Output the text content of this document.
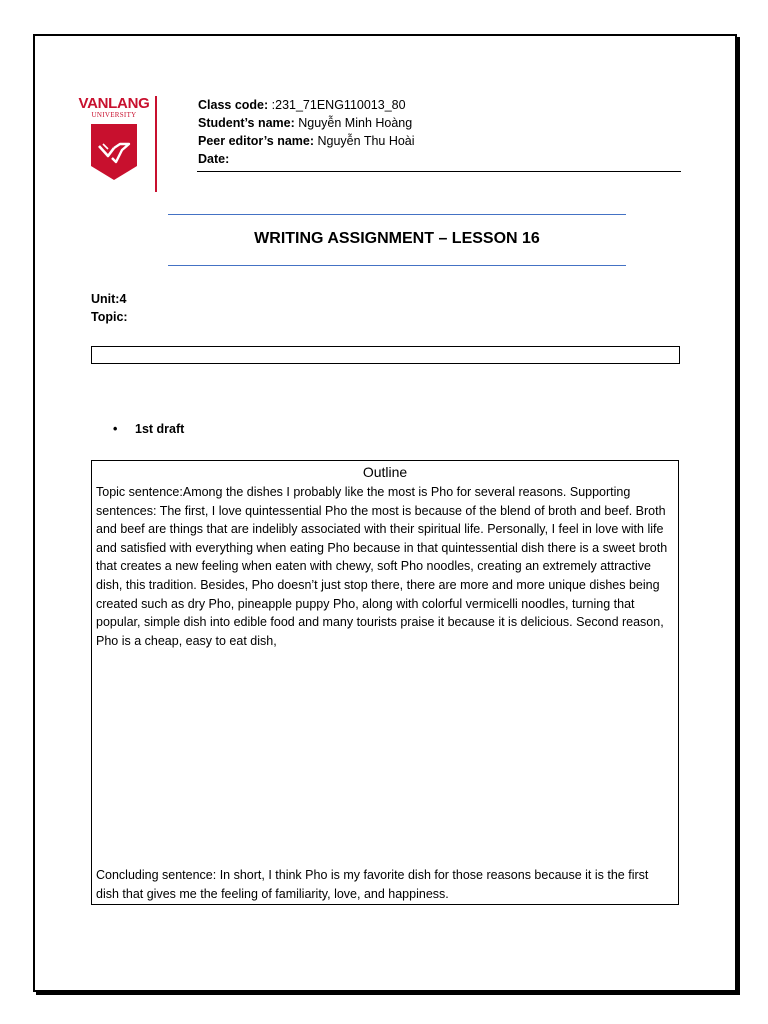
VANLANG
UNIVERSITY
Class code: :231_71ENG110013_80
Student’s name: Nguyễn Minh Hoàng
Peer editor’s name: Nguyễn Thu Hoài
Date:
WRITING ASSIGNMENT – LESSON 16
Unit:4
Topic:
• 1st draft
Outline
Topic sentence:Among the dishes I probably like the most is Pho for several reasons. Supporting sentences: The first, I love quintessential Pho the most is because of the blend of broth and beef. Broth and beef are things that are indelibly associated with their spiritual life. Personally, I feel in love with life and satisfied with everything when eating Pho because in that quintessential dish there is a sweet broth that creates a new feeling when eaten with chewy, soft Pho noodles, creating an extremely attractive dish, this tradition. Besides, Pho doesn’t just stop there, there are more and more unique dishes being created such as dry Pho, pineapple puppy Pho, along with colorful vermicelli noodles, turning that popular, simple dish into edible food and many tourists praise it because it is delicious. Second reason, Pho is a cheap, easy to eat dish,
Concluding sentence: In short, I think Pho is my favorite dish for those reasons because it is the first dish that gives me the feeling of familiarity, love, and happiness.
